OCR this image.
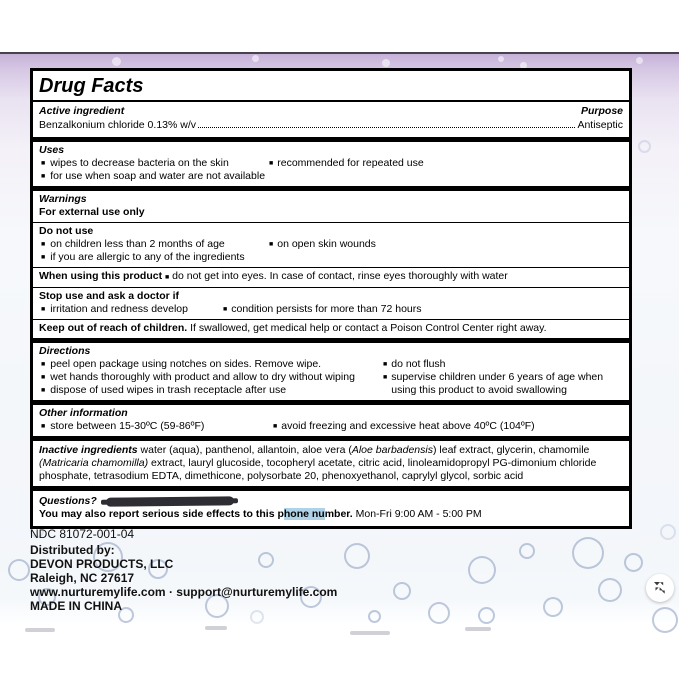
Drug Facts
Active ingredient	Purpose
Benzalkonium chloride 0.13% w/v	Antiseptic
Uses
■ wipes to decrease bacteria on the skin
■ for use when soap and water are not available
■ recommended for repeated use
Warnings
For external use only
Do not use
■ on children less than 2 months of age
■ if you are allergic to any of the ingredients
■ on open skin wounds
When using this product ■ do not get into eyes. In case of contact, rinse eyes thoroughly with water
Stop use and ask a doctor if
■ irritation and redness develop	■ condition persists for more than 72 hours
Keep out of reach of children. If swallowed, get medical help or contact a Poison Control Center right away.
Directions
■ peel open package using notches on sides. Remove wipe.
■ wet hands thoroughly with product and allow to dry without wiping
■ dispose of used wipes in trash receptacle after use
■ do not flush
■ supervise children under 6 years of age when using this product to avoid swallowing
Other information
■ store between 15-30ºC (59-86ºF)	■ avoid freezing and excessive heat above 40ºC (104ºF)
Inactive ingredients water (aqua), panthenol, allantoin, aloe vera (Aloe barbadensis) leaf extract, glycerin, chamomile (Matricaria chamomilla) extract, lauryl glucoside, tocopheryl acetate, citric acid, linoleamidopropyl PG-dimonium chloride phosphate, tetrasodium EDTA, dimethicone, polysorbate 20, phenoxyethanol, caprylyl glycol, sorbic acid
Questions?
You may also report serious side effects to this phone number. Mon-Fri 9:00 AM - 5:00 PM
NDC 81072-001-04
Distributed by:
DEVON PRODUCTS, LLC
Raleigh, NC 27617
www.nurturemylife.com · support@nurturemylife.com
MADE IN CHINA
